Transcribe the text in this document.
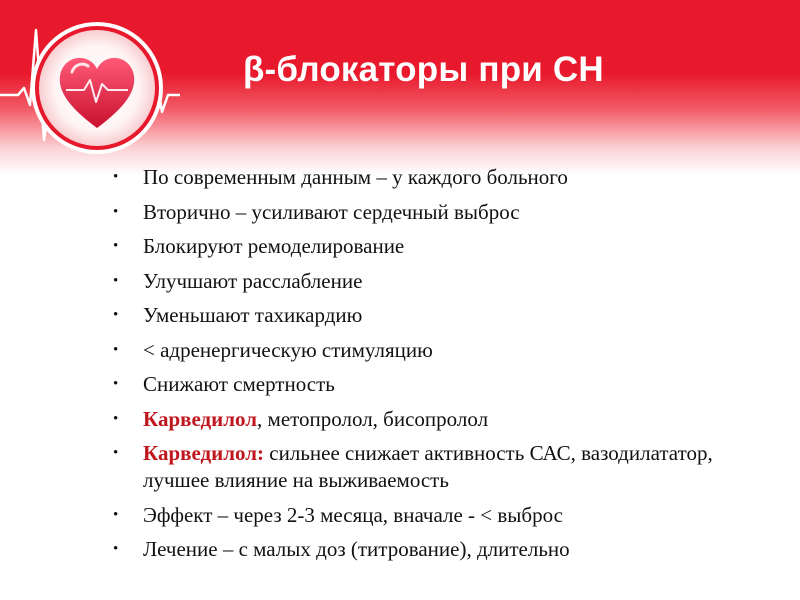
β-блокаторы при СН
• По современным данным – у каждого больного
• Вторично – усиливают сердечный выброс
• Блокируют ремоделирование
• Улучшают расслабление
• Уменьшают тахикардию
• < адренергическую стимуляцию
• Снижают смертность
• Карведилол, метопролол, бисопролол
• Карведилол: сильнее снижает активность САС, вазодилататор, лучшее влияние на выживаемость
• Эффект – через 2-3 месяца, вначале - < выброс
• Лечение – с малых доз (титрование), длительно
